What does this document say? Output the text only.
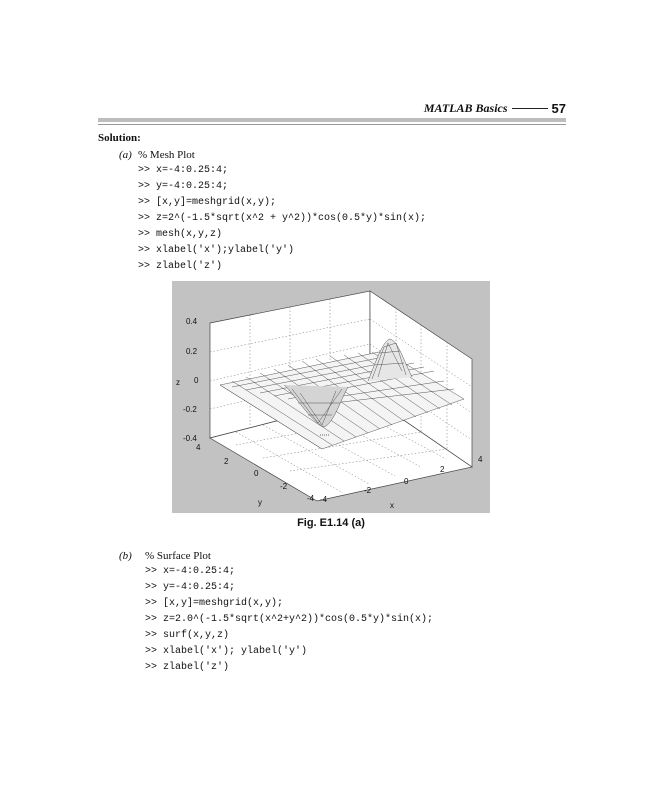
MATLAB Basics	57
Solution:
(a) % Mesh Plot
>> x=-4:0.25:4;
>> y=-4:0.25:4;
>> [x,y]=meshgrid(x,y);
>> z=2^(-1.5*sqrt(x^2 + y^2))*cos(0.5*y)*sin(x);
>> mesh(x,y,z)
>> xlabel('x');ylabel('y')
>> zlabel('z')
0.4
0.2
0
-0.2
-0.4
z
4
2
0
-2
-4
y	-4
-2
0
2
4
x
Fig. E1.14 (a)
(b) % Surface Plot
>> x=-4:0.25:4;
>> y=-4:0.25:4;
>> [x,y]=meshgrid(x,y);
>> z=2.0^(-1.5*sqrt(x^2+y^2))*cos(0.5*y)*sin(x);
>> surf(x,y,z)
>> xlabel('x'); ylabel('y')
>> zlabel('z')
